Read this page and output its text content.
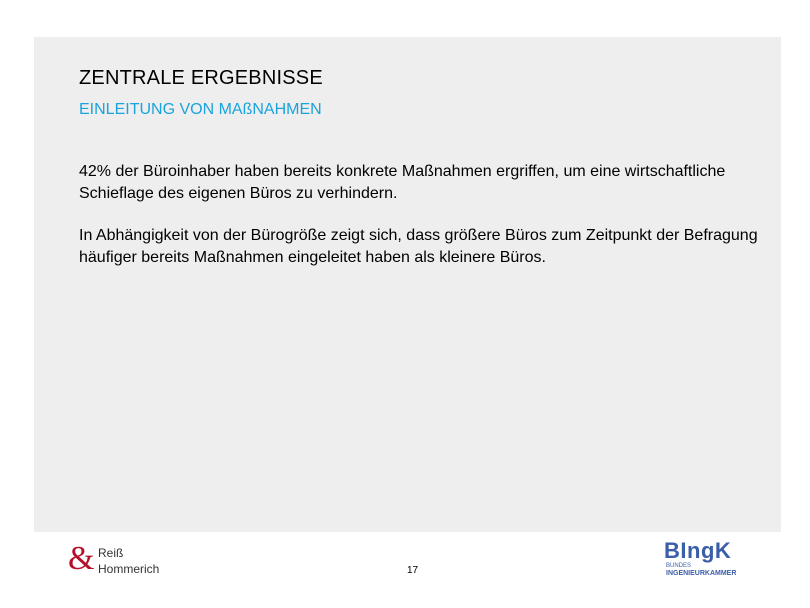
ZENTRALE ERGEBNISSE
EINLEITUNG VON MAßNAHMEN

42% der Büroinhaber haben bereits konkrete Maßnahmen ergriffen, um eine wirtschaftliche Schieflage des eigenen Büros zu verhindern.

In Abhängigkeit von der Bürogröße zeigt sich, dass größere Büros zum Zeitpunkt der Befragung häufiger bereits Maßnahmen eingeleitet haben als kleinere Büros.

& Reiß
Hommerich	17
BIngK
BUNDES
INGENIEURKAMMER
